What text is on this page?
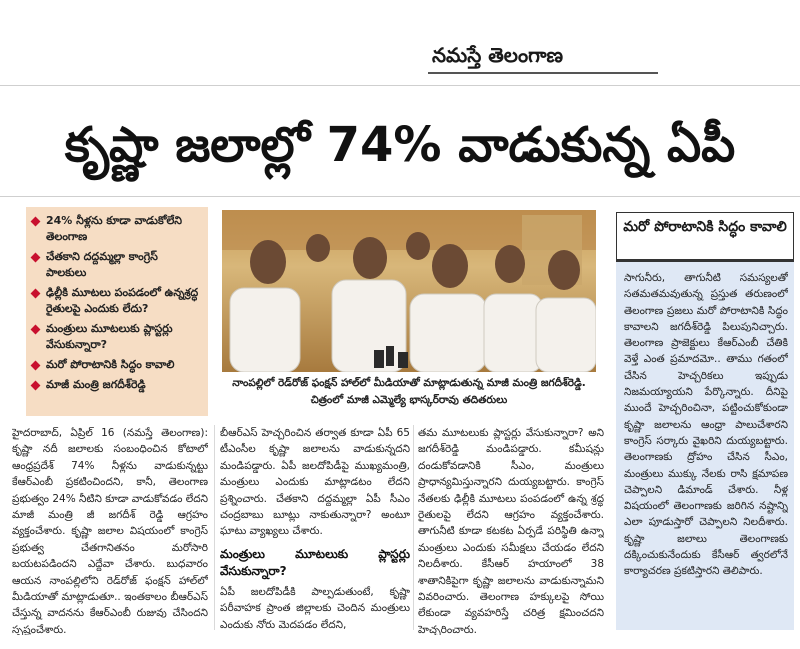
నమస్తే తెలంగాణ
కృష్ణా జలాల్లో 74% వాడుకున్న ఏపీ
24% నీళ్లను కూడా వాడుకోలేని తెలంగాణ
చేతకాని దద్దమ్మల్లా కాంగ్రెస్ పాలకులు
ఢిల్లీకి మూటలు పంపడంలో ఉన్నశ్రద్ధ రైతులపై ఎందుకు లేదు?
మంత్రులు మూటలుకు ప్లాస్టర్లు వేసుకున్నారా?
మరో పోరాటానికి సిద్ధం కావాలి
మాజీ మంత్రి జగదీశ్‌రెడ్డి	నాంపల్లిలో రెడ్‌రోజ్ ఫంక్షన్ హాల్‌లో మీడియాతో మాట్లాడుతున్న మాజీ మంత్రి జగదీశ్‌రెడ్డి. చిత్రంలో మాజీ ఎమ్మెల్యే భాస్కర్‌రావు తదితరులు

హైదరాబాద్, ఏప్రిల్ 16 (నమస్తే తెలంగాణ): కృష్ణా నదీ జలాలకు సంబంధించిన కోటాలో ఆంధ్రప్రదేశ్ 74% నీళ్లను వాడుకున్నట్టు కేఆర్‌ఎంబీ ప్రకటించిందని, కానీ, తెలంగాణ ప్రభుత్వం 24% నీటిని కూడా వాడుకోవడం లేదని మాజీ మంత్రి జీ జగదీశ్ రెడ్డి ఆగ్రహం వ్యక్తంచేశారు. కృష్ణా జలాల విషయంలో కాంగ్రెస్ ప్రభుత్వ చేతగానితనం మరోసారి బయటపడిందని ఎద్దేవా చేశారు. బుధవారం ఆయన నాంపల్లిలోని రెడ్‌రోజ్ ఫంక్షన్ హాల్‌లో మీడియాతో మాట్లాడుతూ.. ఇంతకాలం బీఆర్‌ఎస్ చేస్తున్న వాదనను కేఆర్‌ఎంబీ రుజువు చేసిందని స్పష్టంచేశారు.

బీఆర్‌ఎస్ హెచ్చరించిన తర్వాత కూడా ఏపీ 65 టీఎంసీల కృష్ణా జలాలను వాడుకున్నదని మండిపడ్డారు. ఏపీ జలదోపిడీపై ముఖ్యమంత్రి, మంత్రులు ఎందుకు మాట్లాడటం లేదని ప్రశ్నించారు. చేతకాని దద్దమ్మల్లా ఏపీ సీఎం చంద్రబాబు బూట్లు నాకుతున్నారా? అంటూ ఘాటు వ్యాఖ్యలు చేశారు.

మంత్రులు మూటలుకు ప్లాస్టర్లు వేసుకున్నారా?

ఏపీ జలదోపిడీకి పాల్పడుతుంటే, కృష్ణా పరీవాహక ప్రాంత జిల్లాలకు చెందిన మంత్రులు ఎందుకు నోరు మెదపడం లేదని,

తమ మూటలుకు ప్లాస్టర్లు వేసుకున్నారా? అని జగదీశ్‌రెడ్డి మండిపడ్డారు. కమీషన్లు దండుకోవడానికి సీఎం, మంత్రులు ప్రాధాన్యమిస్తున్నారని దుయ్యబట్టారు. కాంగ్రెస్ నేతలకు ఢిల్లీకి మూటలు పంపడంలో ఉన్న శ్రద్ధ రైతులపై లేదని ఆగ్రహం వ్యక్తంచేశారు. తాగునీటి కూడా కటకట ఏర్పడే పరిస్థితి ఉన్నా మంత్రులు ఎందుకు సమీక్షలు చేయడం లేదని నిలదీశారు. కేసీఆర్ హయాంలో 38 శాతానికిపైగా కృష్ణా జలాలను వాడుకున్నామని వివరించారు. తెలంగాణ హక్కులపై సోయి లేకుండా వ్యవహరిస్తే చరిత్ర క్షమించదని హెచ్చరించారు.

మరో పోరాటానికి సిద్ధం కావాలి
సాగునీరు, తాగునీటి సమస్యలతో సతమతమవుతున్న ప్రస్తుత తరుణంలో తెలంగాణ ప్రజలు మరో పోరాటానికి సిద్ధం కావాలని జగదీశ్‌రెడ్డి పిలుపునిచ్చారు. తెలంగాణ ప్రాజెక్టులు కేఆర్‌ఎంబీ చేతికి వెళ్తే ఎంత ప్రమాదమో.. తాము గతంలో చేసిన హెచ్చరికలు ఇప్పుడు నిజమయ్యాయని పేర్కొన్నారు. దీనిపై ముందే హెచ్చరించినా, పట్టించుకోకుండా కృష్ణా జలాలను ఆంధ్రా పాలుచేశారని కాంగ్రెస్ సర్కారు వైఖరిని దుయ్యబట్టారు. తెలంగాణకు ద్రోహం చేసిన సీఎం, మంత్రులు ముక్కు నేలకు రాసి క్షమాపణ చెప్పాలని డిమాండ్ చేశారు. నీళ్ల విషయంలో తెలంగాణకు జరిగిన నష్టాన్ని ఎలా పూడుస్తారో చెప్పాలని నిలదీశారు. కృష్ణా జలాలు తెలంగాణకు దక్కించుకునేందుకు కేసీఆర్ త్వరలోనే కార్యాచరణ ప్రకటిస్తారని తెలిపారు.
